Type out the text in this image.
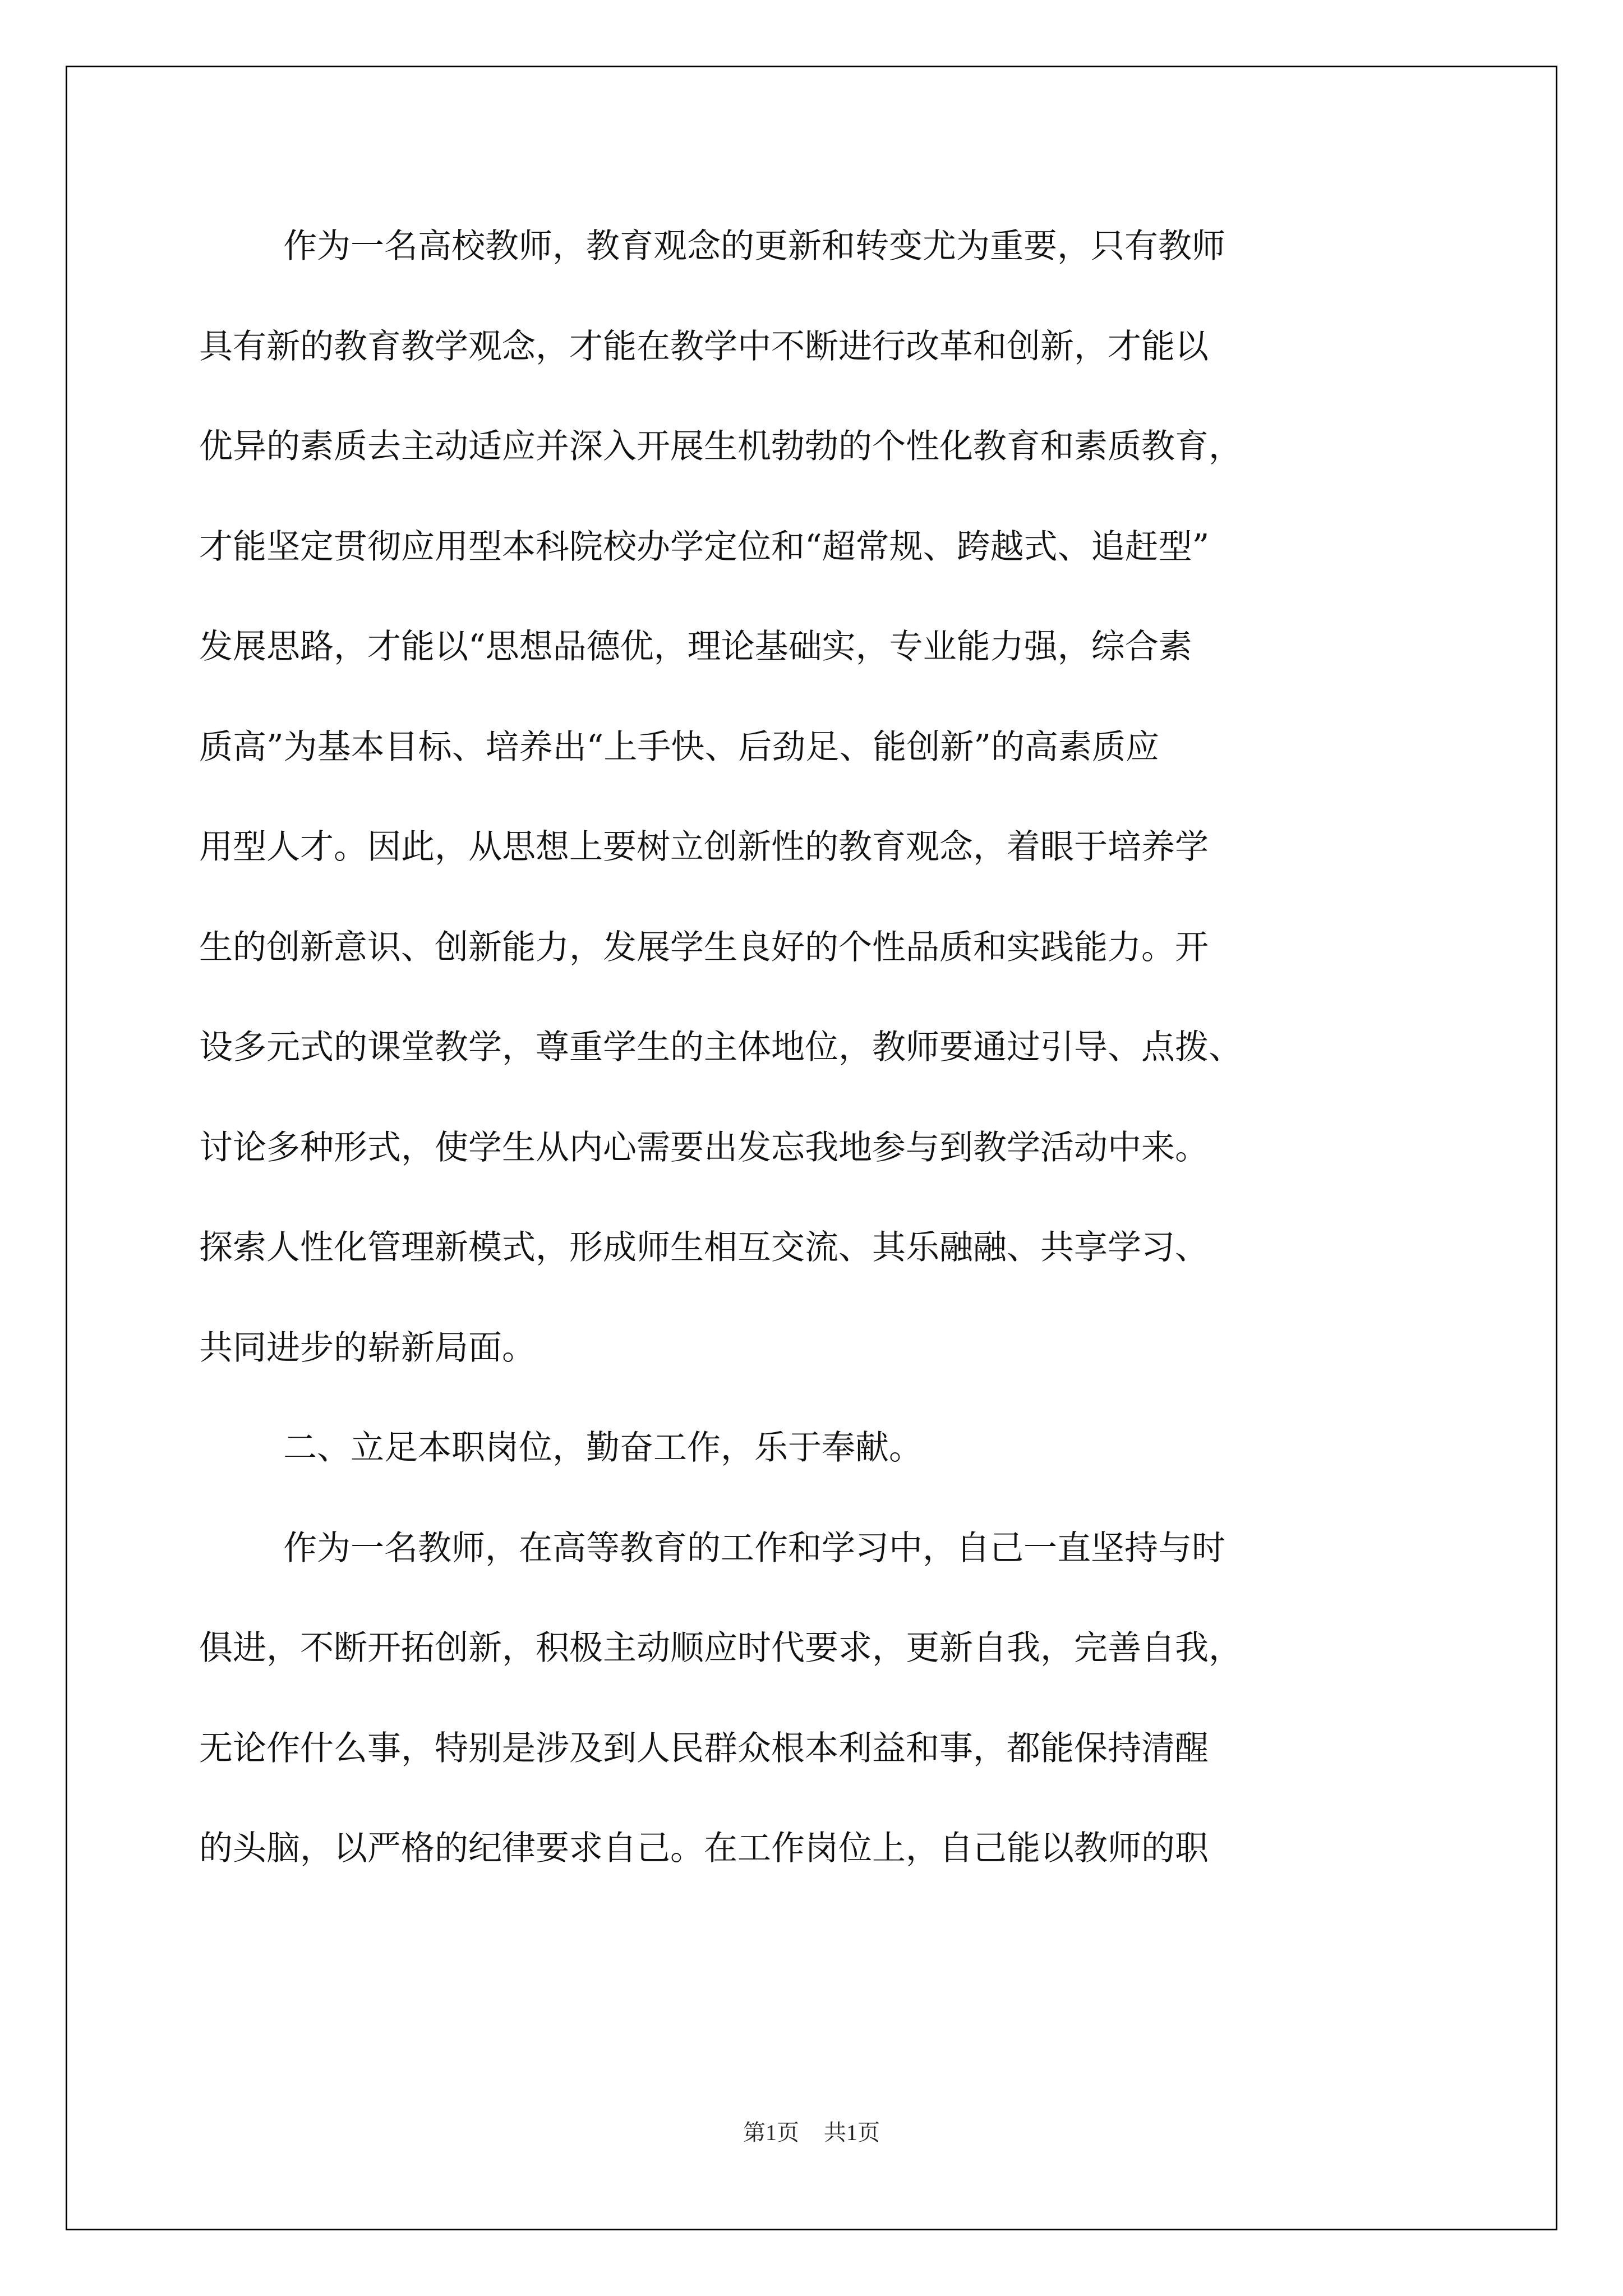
作为一名高校教师，教育观念的更新和转变尤为重要，只有教师
具有新的教育教学观念，才能在教学中不断进行改革和创新，才能以
优异的素质去主动适应并深入开展生机勃勃的个性化教育和素质教育，
才能坚定贯彻应用型本科院校办学定位和“超常规、跨越式、追赶型”
发展思路，才能以“思想品德优，理论基础实，专业能力强，综合素
质高”为基本目标、培养出“上手快、后劲足、能创新”的高素质应
用型人才。因此，从思想上要树立创新性的教育观念，着眼于培养学
生的创新意识、创新能力，发展学生良好的个性品质和实践能力。开
设多元式的课堂教学，尊重学生的主体地位，教师要通过引导、点拨、
讨论多种形式，使学生从内心需要出发忘我地参与到教学活动中来。
探索人性化管理新模式，形成师生相互交流、其乐融融、共享学习、
共同进步的崭新局面。
二、立足本职岗位，勤奋工作，乐于奉献。
作为一名教师，在高等教育的工作和学习中，自己一直坚持与时
俱进，不断开拓创新，积极主动顺应时代要求，更新自我，完善自我，
无论作什么事，特别是涉及到人民群众根本利益和事，都能保持清醒
的头脑，以严格的纪律要求自己。在工作岗位上，自己能以教师的职
第1页 共1页
